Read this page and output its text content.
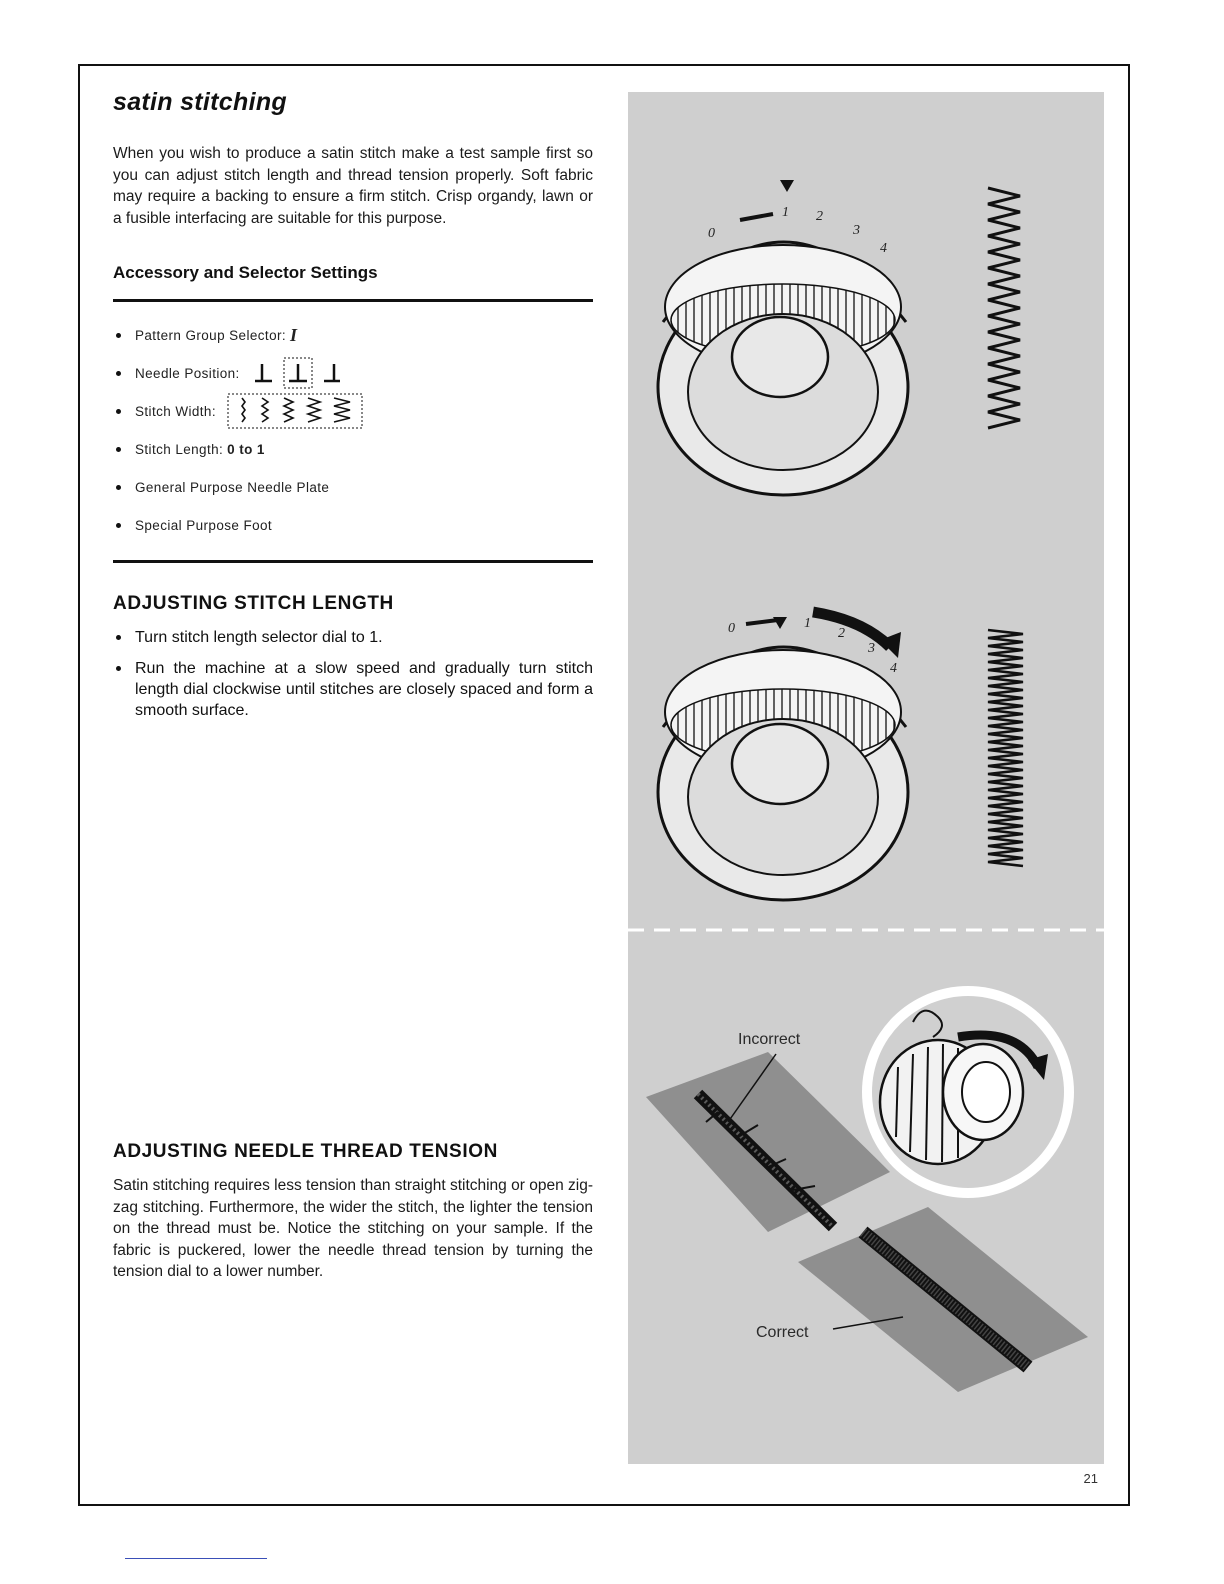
satin stitching

When you wish to produce a satin stitch make a test sample first so you can adjust stitch length and thread tension properly. Soft fabric may require a backing to ensure a firm stitch. Crisp organdy, lawn or a fusible interfacing are suitable for this purpose.

Accessory and Selector Settings
Pattern Group Selector: I
Needle Position:
Stitch Width:
Stitch Length: 0 to 1
General Purpose Needle Plate
Special Purpose Foot
ADJUSTING STITCH LENGTH
Turn stitch length selector dial to 1.
Run the machine at a slow speed and gradually turn stitch length dial clockwise until stitches are closely spaced and form a smooth surface.
ADJUSTING NEEDLE THREAD TENSION

Satin stitching requires less tension than straight stitching or open zig-zag stitching. Furthermore, the wider the stitch, the lighter the tension on the thread must be. Notice the stitching on your sample. If the fabric is puckered, lower the needle thread tension by turning the tension dial to a lower number.

0
1 2
3
4
0	1
2
3
4
Incorrect
Correct
21
